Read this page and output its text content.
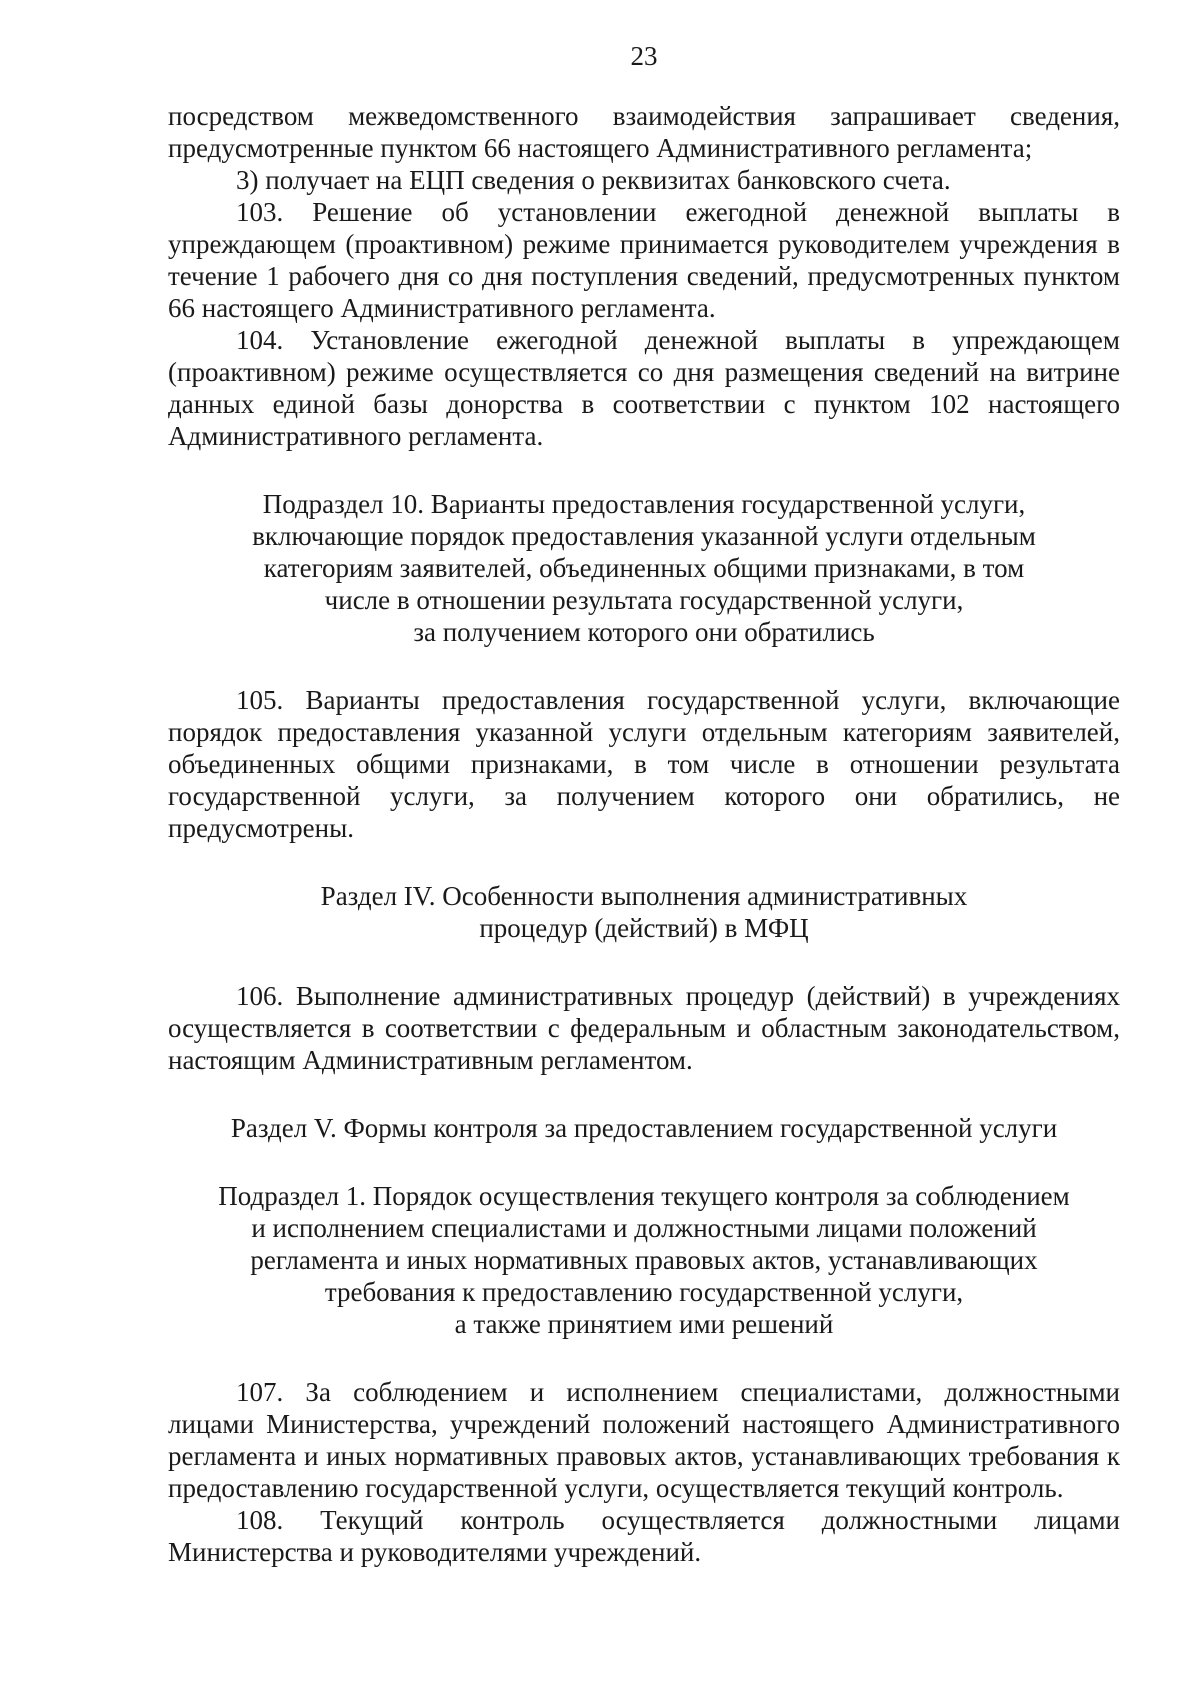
23

посредством межведомственного взаимодействия запрашивает сведения, предусмотренные пунктом 66 настоящего Административного регламента;

3) получает на ЕЦП сведения о реквизитах банковского счета.

103. Решение об установлении ежегодной денежной выплаты в упреждающем (проактивном) режиме принимается руководителем учреждения в течение 1 рабочего дня со дня поступления сведений, предусмотренных пунктом 66 настоящего Административного регламента.

104. Установление ежегодной денежной выплаты в упреждающем (проактивном) режиме осуществляется со дня размещения сведений на витрине данных единой базы донорства в соответствии с пунктом 102 настоящего Административного регламента.

Подраздел 10. Варианты предоставления государственной услуги,

включающие порядок предоставления указанной услуги отдельным

категориям заявителей, объединенных общими признаками, в том

числе в отношении результата государственной услуги,

за получением которого они обратились

105. Варианты предоставления государственной услуги, включающие порядок предоставления указанной услуги отдельным категориям заявителей, объединенных общими признаками, в том числе в отношении результата государственной услуги, за получением которого они обратились, не предусмотрены.

Раздел IV. Особенности выполнения административных

процедур (действий) в МФЦ

106. Выполнение административных процедур (действий) в учреждениях осуществляется в соответствии с федеральным и областным законодательством, настоящим Административным регламентом.

Раздел V. Формы контроля за предоставлением государственной услуги

Подраздел 1. Порядок осуществления текущего контроля за соблюдением

и исполнением специалистами и должностными лицами положений

регламента и иных нормативных правовых актов, устанавливающих

требования к предоставлению государственной услуги,

а также принятием ими решений

107. За соблюдением и исполнением специалистами, должностными лицами Министерства, учреждений положений настоящего Административного регламента и иных нормативных правовых актов, устанавливающих требования к предоставлению государственной услуги, осуществляется текущий контроль.

108. Текущий контроль осуществляется должностными лицами Министерства и руководителями учреждений.
